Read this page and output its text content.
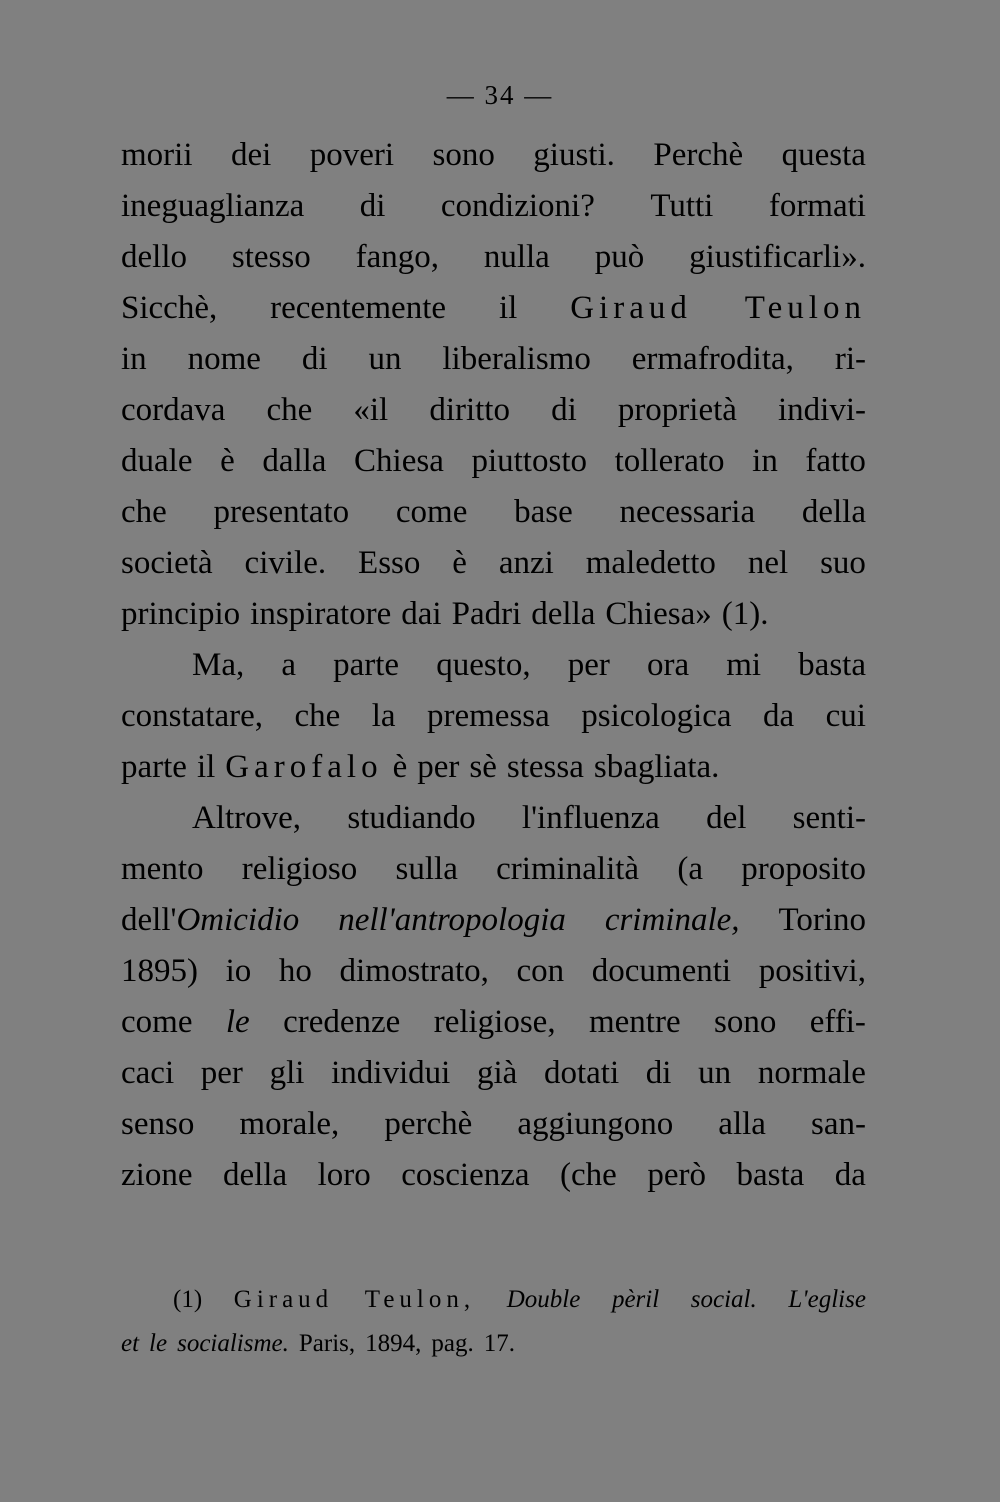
— 34 —
morii dei poveri sono giusti. Perchè questa
ineguaglianza di condizioni? Tutti formati
dello stesso fango, nulla può giustificarli».
Sicchè, recentemente il Giraud Teulon
in nome di un liberalismo ermafrodita, ri-
cordava che «il diritto di proprietà indivi-
duale è dalla Chiesa piuttosto tollerato in fatto
che presentato come base necessaria della
società civile. Esso è anzi maledetto nel suo
principio inspiratore dai Padri della Chiesa» (1).
Ma, a parte questo, per ora mi basta
constatare, che la premessa psicologica da cui
parte il Garofalo è per sè stessa sbagliata.
Altrove, studiando l'influenza del senti-
mento religioso sulla criminalità (a proposito
dell'Omicidio nell'antropologia criminale, Torino
1895) io ho dimostrato, con documenti positivi,
come le credenze religiose, mentre sono effi-
caci per gli individui già dotati di un normale
senso morale, perchè aggiungono alla san-
zione della loro coscienza (che però basta da
(1) Giraud Teulon, Double pèril social. L'eglise
et le socialisme. Paris, 1894, pag. 17.
